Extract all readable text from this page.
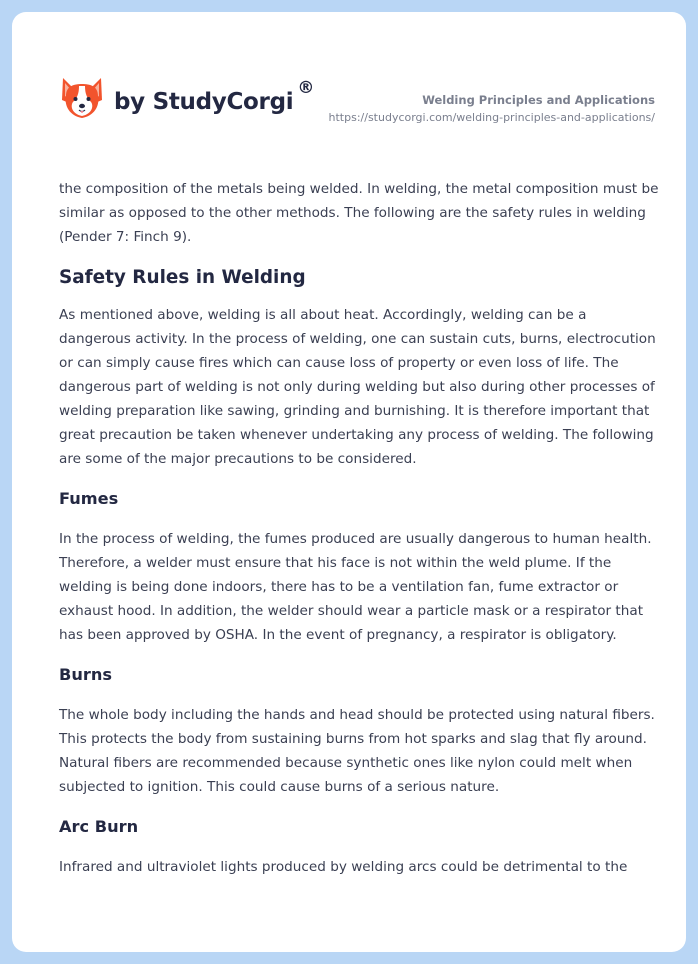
by StudyCorgi
®
Welding Principles and Applications
https://studycorgi.com/welding-principles-and-applications/

the composition of the metals being welded. In welding, the metal composition must be similar as opposed to the other methods. The following are the safety rules in welding (Pender 7: Finch 9).

Safety Rules in Welding

As mentioned above, welding is all about heat. Accordingly, welding can be a dangerous activity. In the process of welding, one can sustain cuts, burns, electrocution or can simply cause fires which can cause loss of property or even loss of life. The dangerous part of welding is not only during welding but also during other processes of welding preparation like sawing, grinding and burnishing. It is therefore important that great precaution be taken whenever undertaking any process of welding. The following are some of the major precautions to be considered.

Fumes

In the process of welding, the fumes produced are usually dangerous to human health. Therefore, a welder must ensure that his face is not within the weld plume. If the welding is being done indoors, there has to be a ventilation fan, fume extractor or exhaust hood. In addition, the welder should wear a particle mask or a respirator that has been approved by OSHA. In the event of pregnancy, a respirator is obligatory.

Burns

The whole body including the hands and head should be protected using natural fibers. This protects the body from sustaining burns from hot sparks and slag that fly around. Natural fibers are recommended because synthetic ones like nylon could melt when subjected to ignition. This could cause burns of a serious nature.

Arc Burn

Infrared and ultraviolet lights produced by welding arcs could be detrimental to the
